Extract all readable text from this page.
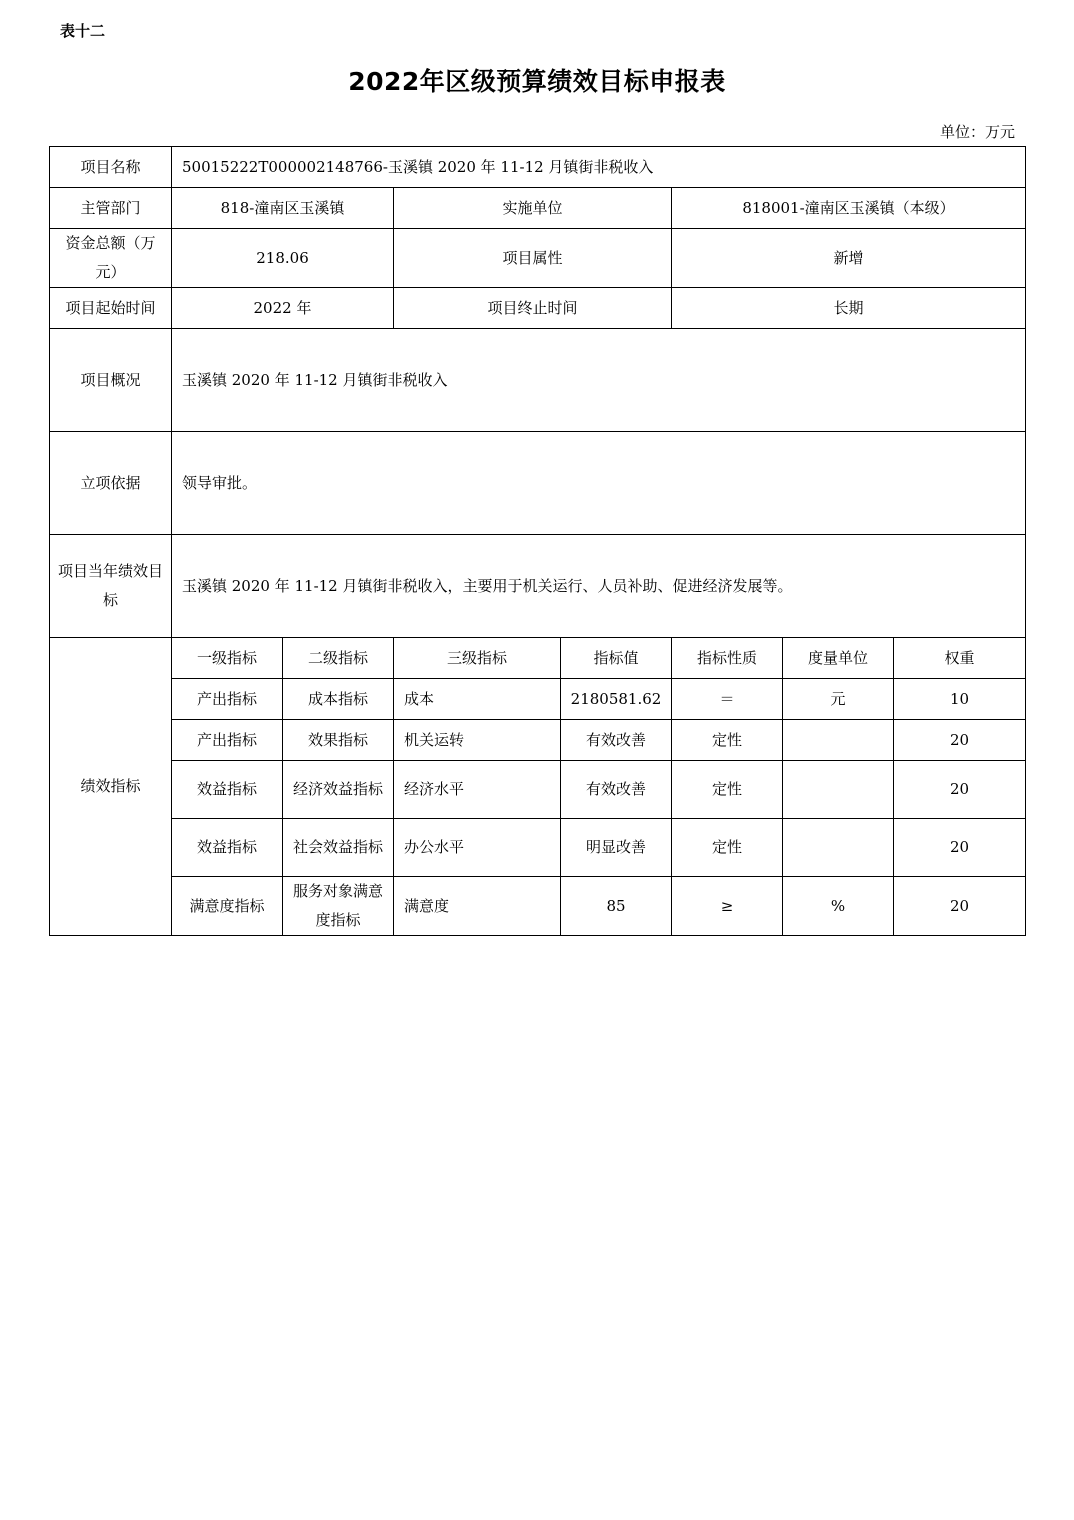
表十二
2022年区级预算绩效目标申报表
单位：万元
项目名称	50015222T000002148766-玉溪镇 2020 年 11-12 月镇街非税收入						
主管部门	818-潼南区玉溪镇		实施单位		818001-潼南区玉溪镇（本级）		
资金总额（万元）	218.06		项目属性		新增		
项目起始时间	2022 年		项目终止时间		长期		
项目概况	玉溪镇 2020 年 11-12 月镇街非税收入						
立项依据	领导审批。						
项目当年绩效目标	玉溪镇 2020 年 11-12 月镇街非税收入，主要用于机关运行、人员补助、促进经济发展等。						
绩效指标	一级指标	二级指标	三级指标	指标值	指标性质	度量单位	权重
	产出指标	成本指标	成本	2180581.62	＝	元	10
	产出指标	效果指标	机关运转	有效改善	定性		20
	效益指标	经济效益指标	经济水平	有效改善	定性		20
	效益指标	社会效益指标	办公水平	明显改善	定性		20
	满意度指标	服务对象满意度指标	满意度	85	≥	%	20
